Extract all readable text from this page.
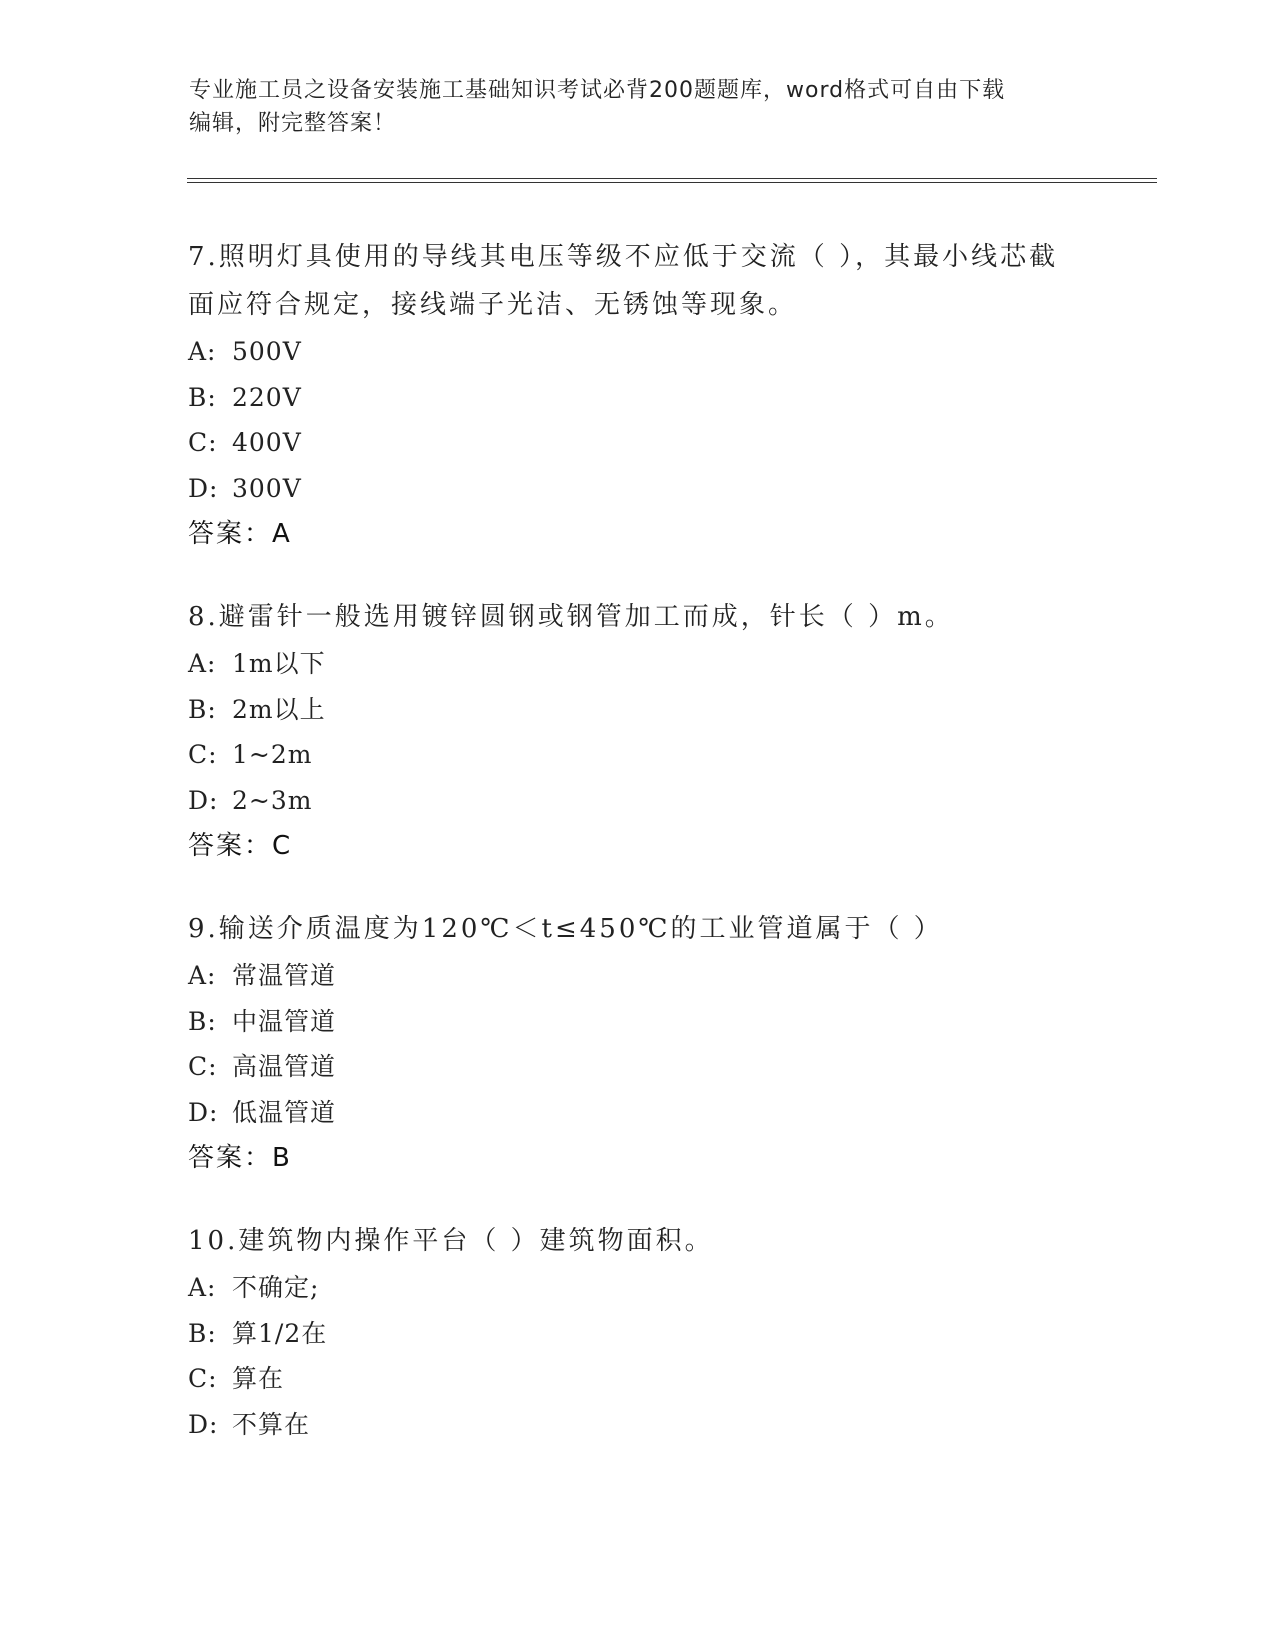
专业施工员之设备安装施工基础知识考试必背200题题库，word格式可自由下载
编辑，附完整答案！
7.照明灯具使用的导线其电压等级不应低于交流（ ），其最小线芯截
面应符合规定，接线端子光洁、无锈蚀等现象。
A: 500V
B: 220V
C: 400V
D: 300V
答案：A
8.避雷针一般选用镀锌圆钢或钢管加工而成，针长（ ）m。
A: 1m以下
B: 2m以上
C: 1~2m
D: 2~3m
答案：C
9.输送介质温度为120℃＜t≤450℃的工业管道属于（ ）
A: 常温管道
B: 中温管道
C: 高温管道
D: 低温管道
答案：B
10.建筑物内操作平台（ ）建筑物面积。
A: 不确定;
B: 算1/2在
C: 算在
D: 不算在
